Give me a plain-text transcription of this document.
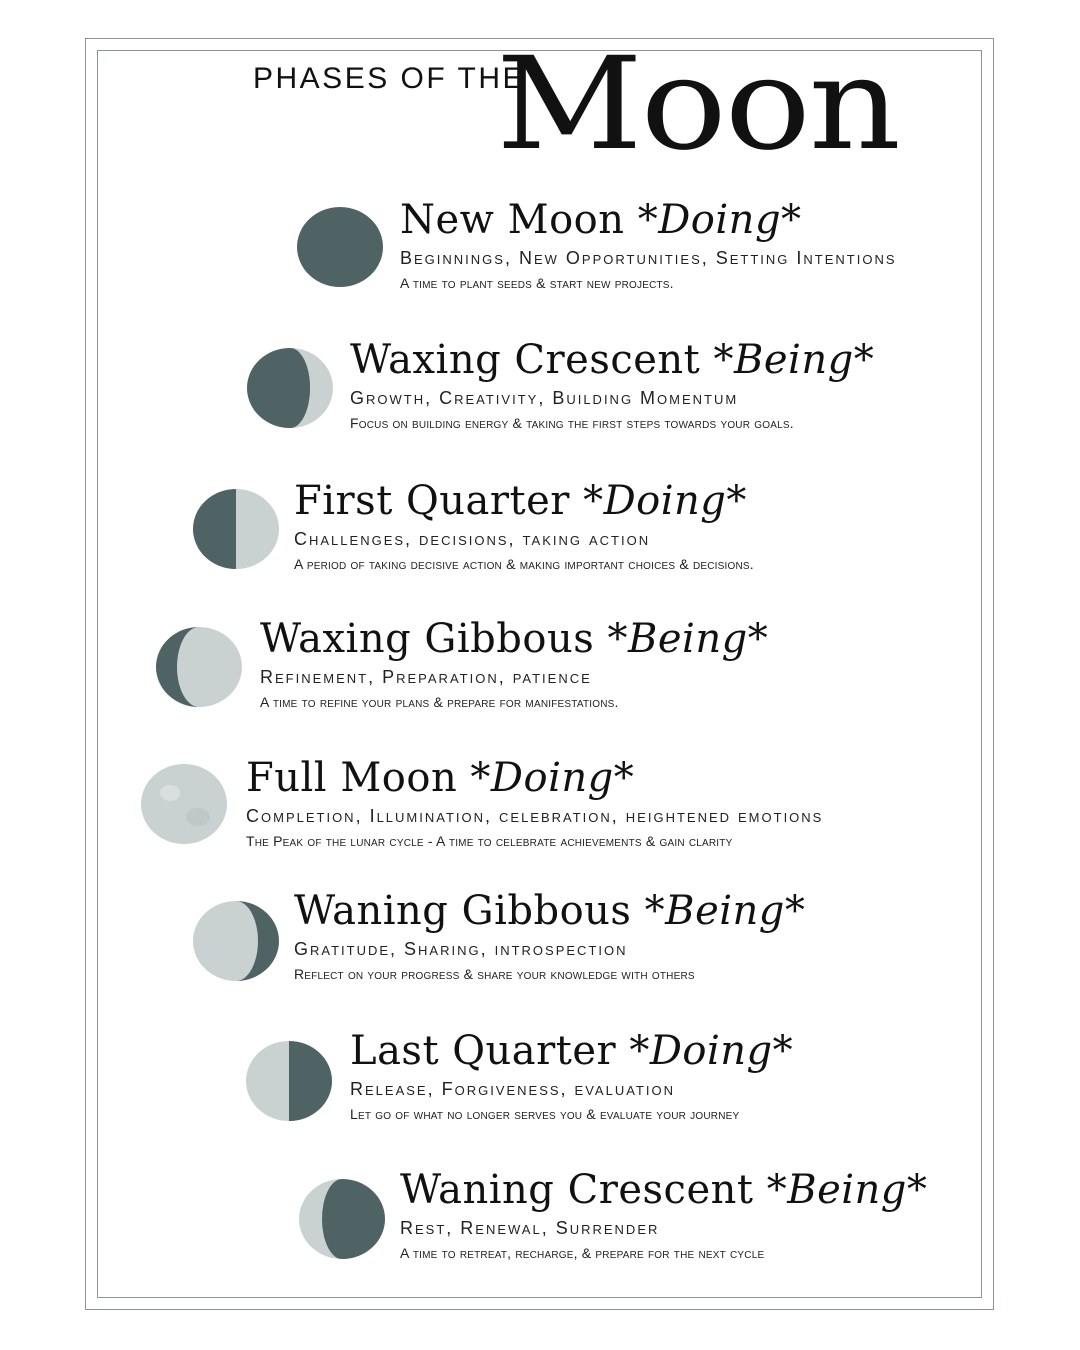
PHASES OF THE
Moon
New Moon *Doing*
Beginnings, New Opportunities, Setting Intentions
A time to plant seeds & start new projects.
Waxing Crescent *Being*
Growth, Creativity, Building Momentum
Focus on building energy & taking the first steps towards your goals.
First Quarter *Doing*
Challenges, decisions, taking action
A period of taking decisive action & making important choices & decisions.
Waxing Gibbous *Being*
Refinement, Preparation, patience
A time to refine your plans & prepare for manifestations.
Full Moon *Doing*
Completion, Illumination, celebration, heightened emotions
The Peak of the lunar cycle - A time to celebrate achievements & gain clarity
Waning Gibbous *Being*
Gratitude, Sharing, introspection
Reflect on your progress & share your knowledge with others
Last Quarter *Doing*
Release, Forgiveness, evaluation
Let go of what no longer serves you & evaluate your journey
Waning Crescent *Being*
Rest, Renewal, Surrender
A time to retreat, recharge, & prepare for the next cycle
